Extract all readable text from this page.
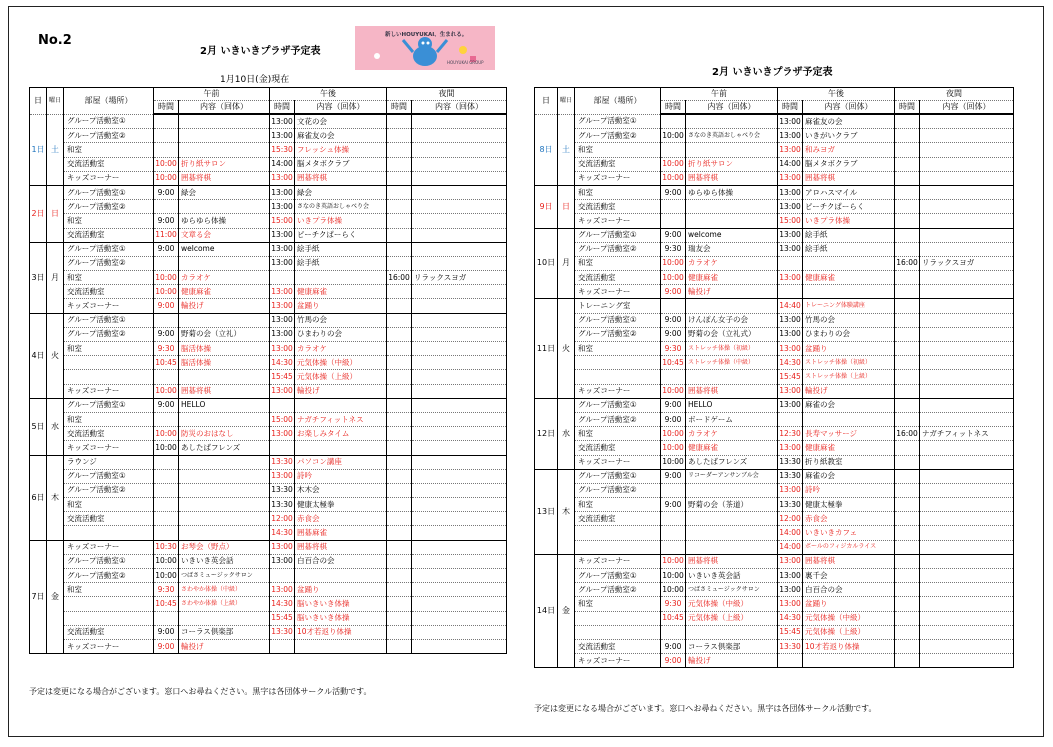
No.2
2月 いきいきプラザ予定表
2月 いきいきプラザ予定表
1月10日(金)現在
新しいHOUYUKAI、生まれる。
HOUYUKAI GROUP
日	曜日	部屋（場所）	午前		午後		夜間	
			時間	内容（回体）	時間	内容（回体）	時間	内容（回体）
1日	土	グループ活動室①			13:00	文花の会		
		グループ活動室②			13:00	麻雀友の会		
		和室			15:30	フレッシュ体操		
		交流活動室	10:00	折り紙サロン	14:00	脳メタボクラブ		
		キッズコーナー	10:00	囲碁将棋	13:00	囲碁将棋		
2日	日	グループ活動室①	9:00	緑会	13:00	緑会		
		グループ活動室②			13:00	さなのき英語おしゃべり会		
		和室	9:00	ゆらゆら体操	15:00	いきプラ体操		
		交流活動室	11:00	文章る会	13:00	ピーチクぱーらく		
3日	月	グループ活動室①	9:00	welcome	13:00	絵手紙		
		グループ活動室②			13:00	絵手紙		
		和室	10:00	カラオケ			16:00	リラックスヨガ
		交流活動室	10:00	健康麻雀	13:00	健康麻雀		
		キッズコーナー	9:00	輪投げ	13:00	盆踊り		
4日	火	グループ活動室①			13:00	竹馬の会		
		グループ活動室②	9:00	野菊の会（立礼）	13:00	ひまわりの会		
		和室	9:30	脳活体操	13:00	カラオケ		
			10:45	脳活体操	14:30	元気体操（中級）		
					15:45	元気体操（上級）		
		キッズコーナー	10:00	囲碁将棋	13:00	輪投げ		
5日	水	グループ活動室①	9:00	HELLO				
		和室			15:00	ナガチフィットネス		
		交流活動室	10:00	防災のおはなし	13:00	お楽しみタイム		
		キッズコーナー	10:00	あしたばフレンズ				
6日	木	ラウンジ			13:30	パソコン講座		
		グループ活動室①			13:00	詩吟		
		グループ活動室②			13:30	木木会		
		和室			13:30	健康太極拳		
		交流活動室			12:00	赤食会		
					14:30	囲碁麻雀		
7日	金	キッズコーナー	10:30	お琴会（野点）	13:00	囲碁将棋		
		グループ活動室①	10:00	いきいき英会話	13:00	白百合の会		
		グループ活動室②	10:00	つばさミュージックサロン				
		和室	9:30	さわやか体操（中級）	13:00	盆踊り		
			10:45	さわやか体操（上級）	14:30	脳いきいき体操		
					15:45	脳いきいき体操		
		交流活動室	9:00	コーラス倶楽部	13:30	10才若返り体操		
		キッズコーナー	9:00	輪投げ				
日	曜日	部屋（場所）	午前		午後		夜間	
			時間	内容（回体）	時間	内容（回体）	時間	内容（回体）
8日	土	グループ活動室①			13:00	麻雀友の会		
		グループ活動室②	10:00	さなのき英語おしゃべり会	13:00	いきがいクラブ		
		和室			13:00	和みヨガ		
		交流活動室	10:00	折り紙サロン	14:00	脳メタボクラブ		
		キッズコーナー	10:00	囲碁将棋	13:00	囲碁将棋		
9日	日	和室	9:00	ゆらゆら体操	13:00	アロハスマイル		
		交流活動室			13:00	ピーチクぱーらく		
		キッズコーナー			15:00	いきプラ体操		
10日	月	グループ活動室①	9:00	welcome	13:00	絵手紙		
		グループ活動室②	9:30	瑞友会	13:00	絵手紙		
		和室	10:00	カラオケ			16:00	リラックスヨガ
		交流活動室	10:00	健康麻雀	13:00	健康麻雀		
		キッズコーナー	9:00	輪投げ				
11日	火	トレーニング室			14:40	トレーニング体験講座		
		グループ活動室①	9:00	けんぽん女子の会	13:00	竹馬の会		
		グループ活動室②	9:00	野菊の会（立礼式）	13:00	ひまわりの会		
		和室	9:30	ストレッチ体操（初級）	13:00	盆踊り		
			10:45	ストレッチ体操（中級）	14:30	ストレッチ体操（初級）		
					15:45	ストレッチ体操（上級）		
		キッズコーナー	10:00	囲碁将棋	13:00	輪投げ		
12日	水	グループ活動室①	9:00	HELLO	13:00	麻雀の会		
		グループ活動室②	9:00	ボードゲーム				
		和室	10:00	カラオケ	12:30	長寿マッサージ	16:00	ナガチフィットネス
		交流活動室	10:00	健康麻雀	13:00	健康麻雀		
		キッズコーナー	10:00	あしたばフレンズ	13:30	折り紙教室		
13日	木	グループ活動室①	9:00	リコーダーアンサンブル会	13:30	麻雀の会		
		グループ活動室②			13:00	詩吟		
		和室	9:00	野菊の会（茶道）	13:30	健康太極拳		
		交流活動室			12:00	赤食会		
					14:00	いきいきカフェ		
					14:00	ボールのフィジカルライス		
14日	金	キッズコーナー	10:00	囲碁将棋	13:00	囲碁将棋		
		グループ活動室①	10:00	いきいき英会話	13:00	裏千会		
		グループ活動室②	10:00	つばさミュージックサロン	13:00	白百合の会		
		和室	9:30	元気体操（中級）	13:00	盆踊り		
			10:45	元気体操（上級）	14:30	元気体操（中級）		
					15:45	元気体操（上級）		
		交流活動室	9:00	コーラス倶楽部	13:30	10才若返り体操		
		キッズコーナー	9:00	輪投げ				
予定は変更になる場合がございます。窓口へお尋ねください。黒字は各団体サークル活動です。
予定は変更になる場合がございます。窓口へお尋ねください。黒字は各団体サークル活動です。
